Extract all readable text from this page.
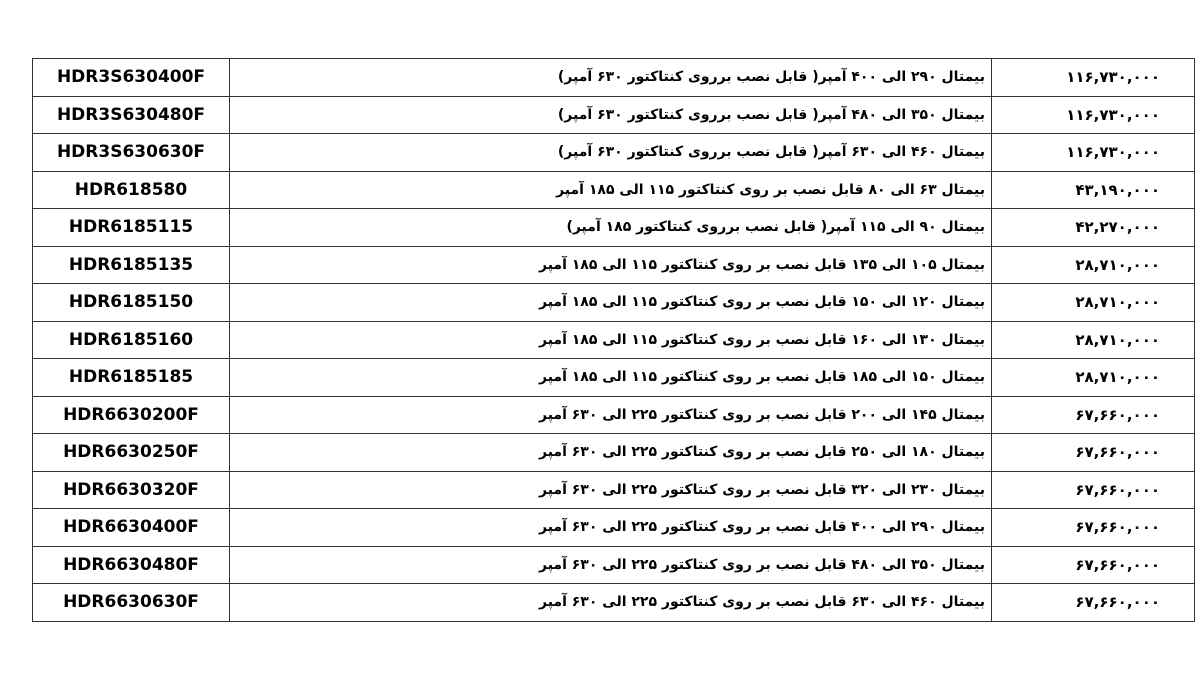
HDR3S630400F	بیمتال ۲۹۰ الی ۴۰۰ آمپر( قابل نصب برروی کنتاکتور ۶۳۰ آمپر)	۱۱۶,۷۳۰,۰۰۰
HDR3S630480F	بیمتال ۳۵۰ الی ۴۸۰ آمپر( قابل نصب برروی کنتاکتور ۶۳۰ آمپر)	۱۱۶,۷۳۰,۰۰۰
HDR3S630630F	بیمتال ۴۶۰ الی ۶۳۰ آمپر( قابل نصب برروی کنتاکتور ۶۳۰ آمپر)	۱۱۶,۷۳۰,۰۰۰
HDR618580	بیمتال ۶۳ الی ۸۰ قابل نصب بر روی کنتاکتور ۱۱۵ الی ۱۸۵ آمپر	۴۳,۱۹۰,۰۰۰
HDR6185115	بیمتال ۹۰ الی ۱۱۵ آمپر( قابل نصب برروی کنتاکتور ۱۸۵ آمپر)	۴۲,۲۷۰,۰۰۰
HDR6185135	بیمتال ۱۰۵ الی ۱۳۵ قابل نصب بر روی کنتاکتور ۱۱۵ الی ۱۸۵ آمپر	۲۸,۷۱۰,۰۰۰
HDR6185150	بیمتال ۱۲۰ الی ۱۵۰ قابل نصب بر روی کنتاکتور ۱۱۵ الی ۱۸۵ آمپر	۲۸,۷۱۰,۰۰۰
HDR6185160	بیمتال ۱۳۰ الی ۱۶۰ قابل نصب بر روی کنتاکتور ۱۱۵ الی ۱۸۵ آمپر	۲۸,۷۱۰,۰۰۰
HDR6185185	بیمتال ۱۵۰ الی ۱۸۵ قابل نصب بر روی کنتاکتور ۱۱۵ الی ۱۸۵ آمپر	۲۸,۷۱۰,۰۰۰
HDR6630200F	بیمتال ۱۴۵ الی ۲۰۰ قابل نصب بر روی کنتاکتور ۲۲۵ الی ۶۳۰ آمپر	۶۷,۶۶۰,۰۰۰
HDR6630250F	بیمتال ۱۸۰ الی ۲۵۰ قابل نصب بر روی کنتاکتور ۲۲۵ الی ۶۳۰ آمپر	۶۷,۶۶۰,۰۰۰
HDR6630320F	بیمتال ۲۳۰ الی ۳۲۰ قابل نصب بر روی کنتاکتور ۲۲۵ الی ۶۳۰ آمپر	۶۷,۶۶۰,۰۰۰
HDR6630400F	بیمتال ۲۹۰ الی ۴۰۰ قابل نصب بر روی کنتاکتور ۲۲۵ الی ۶۳۰ آمپر	۶۷,۶۶۰,۰۰۰
HDR6630480F	بیمتال ۳۵۰ الی ۴۸۰ قابل نصب بر روی کنتاکتور ۲۲۵ الی ۶۳۰ آمپر	۶۷,۶۶۰,۰۰۰
HDR6630630F	بیمتال ۴۶۰ الی ۶۳۰ قابل نصب بر روی کنتاکتور ۲۲۵ الی ۶۳۰ آمپر	۶۷,۶۶۰,۰۰۰
